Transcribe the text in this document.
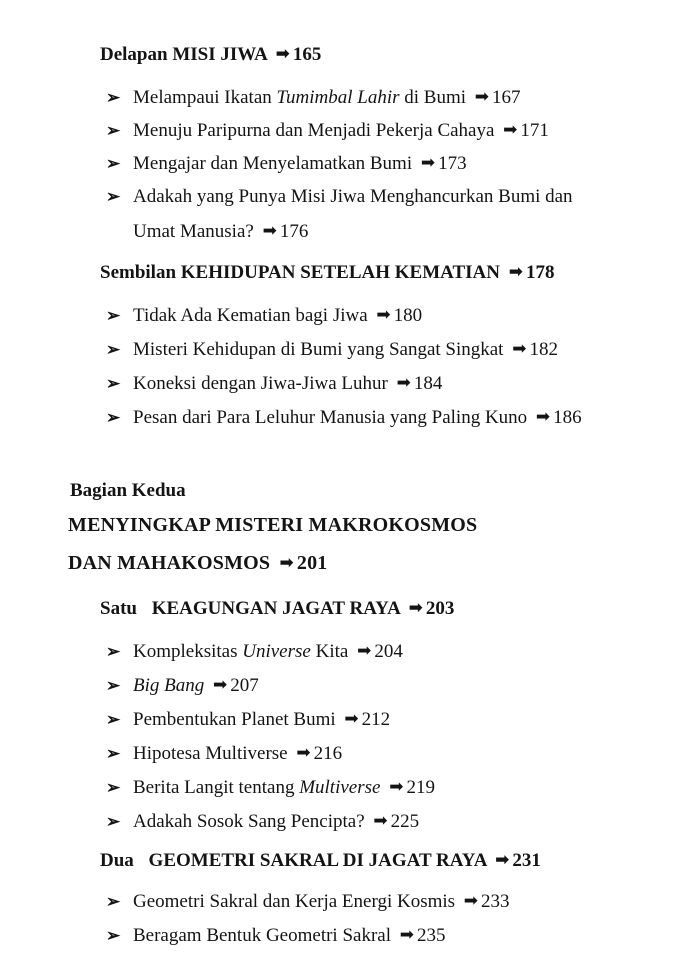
Delapan MISI JIWA ➡ 165
➢ Melampaui Ikatan Tumimbal Lahir di Bumi ➡ 167
➢ Menuju Paripurna dan Menjadi Pekerja Cahaya ➡ 171
➢ Mengajar dan Menyelamatkan Bumi ➡ 173
➢ Adakah yang Punya Misi Jiwa Menghancurkan Bumi dan
Umat Manusia? ➡ 176
Sembilan KEHIDUPAN SETELAH KEMATIAN ➡ 178
➢ Tidak Ada Kematian bagi Jiwa ➡ 180
➢ Misteri Kehidupan di Bumi yang Sangat Singkat ➡ 182
➢ Koneksi dengan Jiwa-Jiwa Luhur ➡ 184
➢ Pesan dari Para Leluhur Manusia yang Paling Kuno ➡ 186
Bagian Kedua
MENYINGKAP MISTERI MAKROKOSMOS
DAN MAHAKOSMOS ➡ 201
Satu KEAGUNGAN JAGAT RAYA ➡ 203
➢ Kompleksitas Universe Kita ➡ 204
➢ Big Bang ➡ 207
➢ Pembentukan Planet Bumi ➡ 212
➢ Hipotesa Multiverse ➡ 216
➢ Berita Langit tentang Multiverse ➡ 219
➢ Adakah Sosok Sang Pencipta? ➡ 225
Dua GEOMETRI SAKRAL DI JAGAT RAYA ➡ 231
➢ Geometri Sakral dan Kerja Energi Kosmis ➡ 233
➢ Beragam Bentuk Geometri Sakral ➡ 235
